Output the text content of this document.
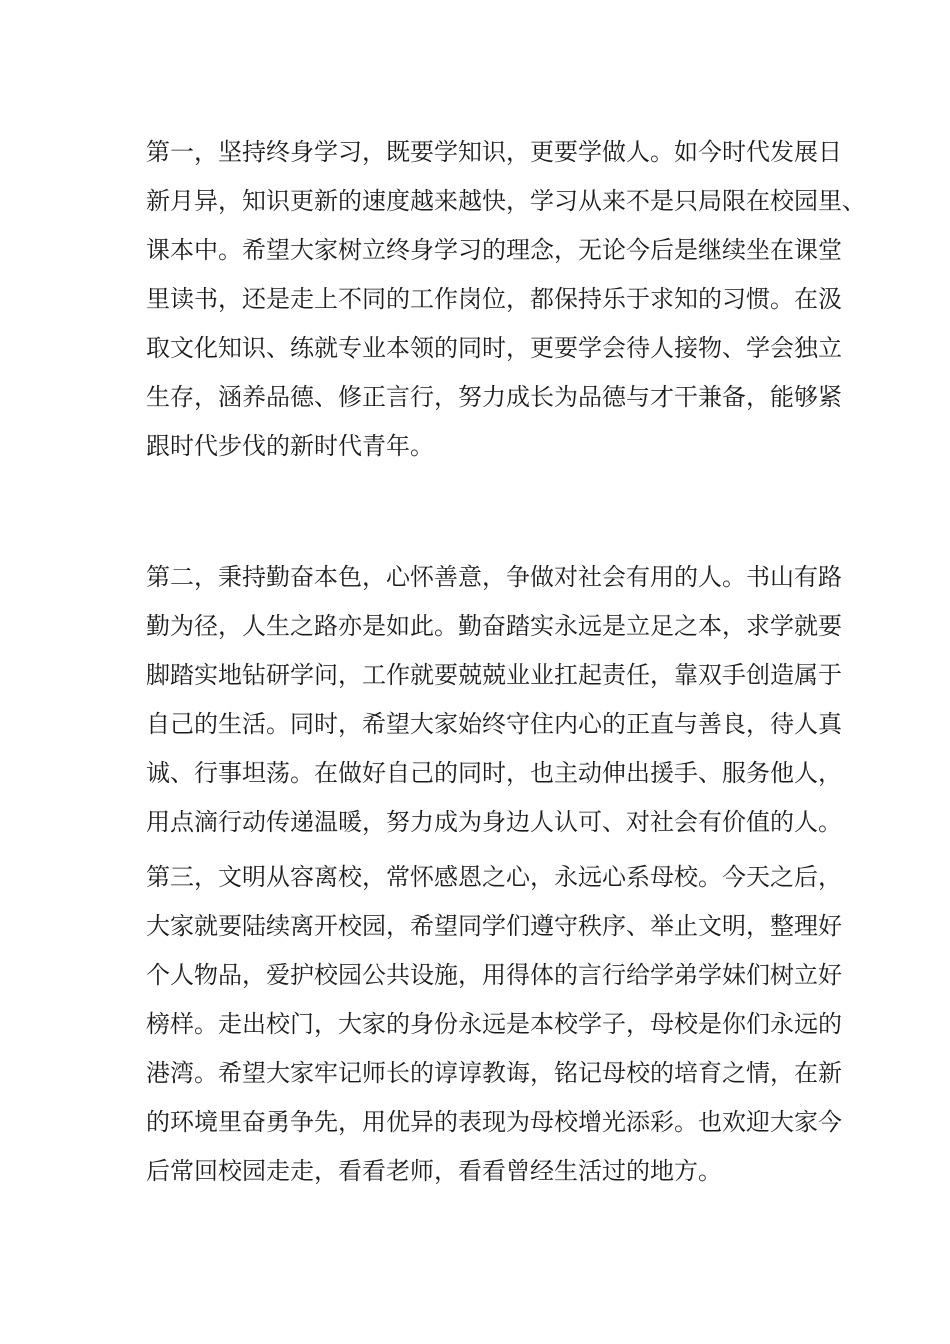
第一，坚持终身学习，既要学知识，更要学做人。如今时代发展日
新月异，知识更新的速度越来越快，学习从来不是只局限在校园里、
课本中。希望大家树立终身学习的理念，无论今后是继续坐在课堂
里读书，还是走上不同的工作岗位，都保持乐于求知的习惯。在汲
取文化知识、练就专业本领的同时，更要学会待人接物、学会独立
生存，涵养品德、修正言行，努力成长为品德与才干兼备，能够紧
跟时代步伐的新时代青年。
第二，秉持勤奋本色，心怀善意，争做对社会有用的人。书山有路
勤为径，人生之路亦是如此。勤奋踏实永远是立足之本，求学就要
脚踏实地钻研学问，工作就要兢兢业业扛起责任，靠双手创造属于
自己的生活。同时，希望大家始终守住内心的正直与善良，待人真
诚、行事坦荡。在做好自己的同时，也主动伸出援手、服务他人，
用点滴行动传递温暖，努力成为身边人认可、对社会有价值的人。
第三，文明从容离校，常怀感恩之心，永远心系母校。今天之后，
大家就要陆续离开校园，希望同学们遵守秩序、举止文明，整理好
个人物品，爱护校园公共设施，用得体的言行给学弟学妹们树立好
榜样。走出校门，大家的身份永远是本校学子，母校是你们永远的
港湾。希望大家牢记师长的谆谆教诲，铭记母校的培育之情，在新
的环境里奋勇争先，用优异的表现为母校增光添彩。也欢迎大家今
后常回校园走走，看看老师，看看曾经生活过的地方。
